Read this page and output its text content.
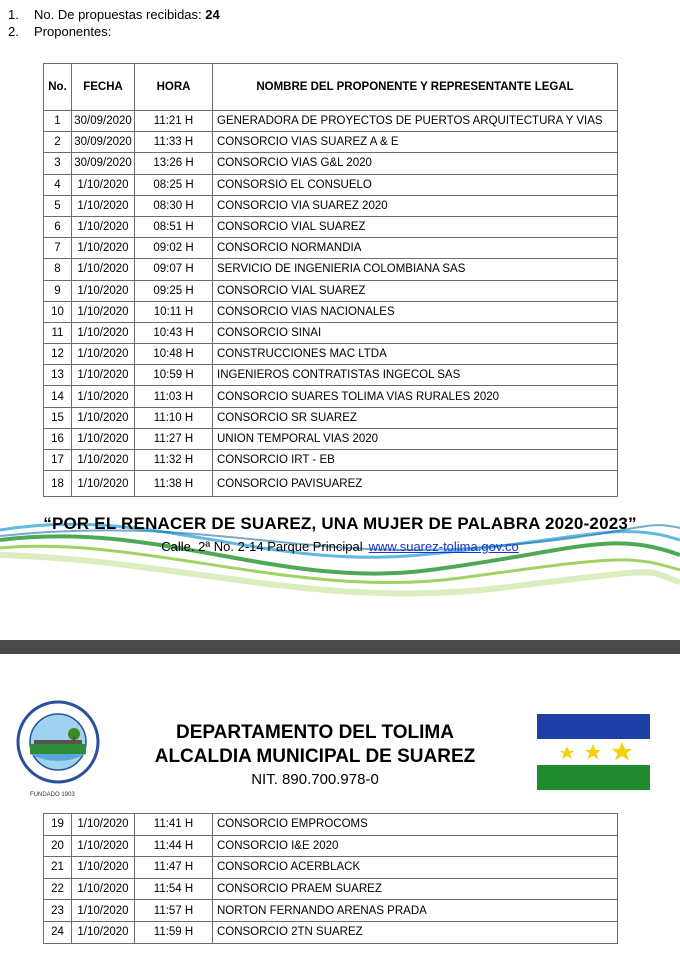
1. No. De propuestas recibidas: 24
2. Proponentes:
No.	FECHA	HORA	NOMBRE DEL PROPONENTE Y REPRESENTANTE LEGAL
1	30/09/2020	11:21 H	GENERADORA DE PROYECTOS DE PUERTOS ARQUITECTURA Y VIAS
2	30/09/2020	11:33 H	CONSORCIO VIAS SUAREZ A & E
3	30/09/2020	13:26 H	CONSORCIO VIAS G&L 2020
4	1/10/2020	08:25 H	CONSORSIO EL CONSUELO
5	1/10/2020	08:30 H	CONSORCIO VIA SUAREZ 2020
6	1/10/2020	08:51 H	CONSORCIO VIAL SUAREZ
7	1/10/2020	09:02 H	CONSORCIO NORMANDIA
8	1/10/2020	09:07 H	SERVICIO DE INGENIERIA COLOMBIANA SAS
9	1/10/2020	09:25 H	CONSORCIO VIAL SUAREZ
10	1/10/2020	10:11 H	CONSORCIO VIAS NACIONALES
11	1/10/2020	10:43 H	CONSORCIO SINAI
12	1/10/2020	10:48 H	CONSTRUCCIONES MAC LTDA
13	1/10/2020	10:59 H	INGENIEROS CONTRATISTAS INGECOL SAS
14	1/10/2020	11:03 H	CONSORCIO SUARES TOLIMA VIAS RURALES 2020
15	1/10/2020	11:10 H	CONSORCIO SR SUAREZ
16	1/10/2020	11:27 H	UNION TEMPORAL VIAS 2020
17	1/10/2020	11:32 H	CONSORCIO IRT - EB
18	1/10/2020	11:38 H	CONSORCIO PAVISUAREZ
“POR EL RENACER DE SUAREZ, UNA MUJER DE PALABRA 2020-2023”
Calle. 2ª No. 2-14 Parque Principal www.suarez-tolima.gov.co
FUNDADO 1903
DEPARTAMENTO DEL TOLIMA
ALCALDIA MUNICIPAL DE SUAREZ
NIT. 890.700.978-0
19	1/10/2020	11:41 H	CONSORCIO EMPROCOMS
20	1/10/2020	11:44 H	CONSORCIO I&E 2020
21	1/10/2020	11:47 H	CONSORCIO ACERBLACK
22	1/10/2020	11:54 H	CONSORCIO PRAEM SUAREZ
23	1/10/2020	11:57 H	NORTON FERNANDO ARENAS PRADA
24	1/10/2020	11:59 H	CONSORCIO 2TN SUAREZ
